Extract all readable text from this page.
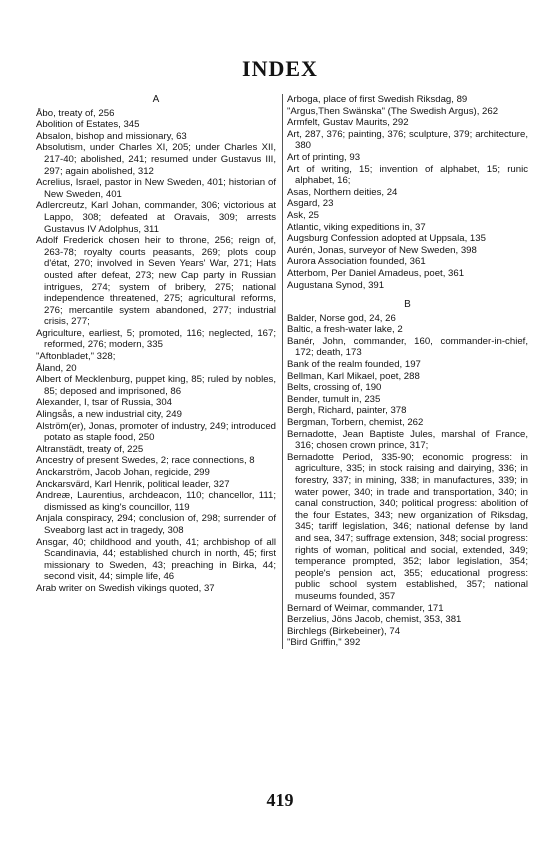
INDEX
A

Åbo, treaty of, 256

Abolition of Estates, 345

Absalon, bishop and missionary, 63

Absolutism, under Charles XI, 205; under Charles XII, 217-40; abolished, 241; resumed under Gustavus III, 297; again abolished, 312

Acrelius, Israel, pastor in New Sweden, 401; historian of New Sweden, 401

Adlercreutz, Karl Johan, commander, 306; victorious at Lappo, 308; defeated at Oravais, 309; arrests Gustavus IV Adolphus, 311

Adolf Frederick chosen heir to throne, 256; reign of, 263-78; royalty courts peasants, 269; plots coup d'état, 270; involved in Seven Years' War, 271; Hats ousted after defeat, 273; new Cap party in Russian intrigues, 274; system of bribery, 275; national independence threatened, 275; agricultural reforms, 276; mercantile system abandoned, 277; industrial crisis, 277;

Agriculture, earliest, 5; promoted, 116; neglected, 167; reformed, 276; modern, 335

"Aftonbladet," 328;

Åland, 20

Albert of Mecklenburg, puppet king, 85; ruled by nobles, 85; deposed and imprisoned, 86

Alexander, I, tsar of Russia, 304

Alingsås, a new industrial city, 249

Alström(er), Jonas, promoter of industry, 249; introduced potato as staple food, 250

Altranstädt, treaty of, 225

Ancestry of present Swedes, 2; race connections, 8

Anckarström, Jacob Johan, regicide, 299

Anckarsvärd, Karl Henrik, political leader, 327

Andreæ, Laurentius, archdeacon, 110; chancellor, 111; dismissed as king's councillor, 119

Anjala conspiracy, 294; conclusion of, 298; surrender of Sveaborg last act in tragedy, 308

Ansgar, 40; childhood and youth, 41; archbishop of all Scandinavia, 44; established church in north, 45; first missionary to Sweden, 43; preaching in Birka, 44; second visit, 44; simple life, 46

Arab writer on Swedish vikings quoted, 37

Arboga, place of first Swedish Riksdag, 89

"Argus,Then Swänska" (The Swedish Argus), 262

Armfelt, Gustav Maurits, 292

Art, 287, 376; painting, 376; sculpture, 379; architecture, 380

Art of printing, 93

Art of writing, 15; invention of alphabet, 15; runic alphabet, 16;

Asas, Northern deities, 24

Asgard, 23

Ask, 25

Atlantic, viking expeditions in, 37

Augsburg Confession adopted at Uppsala, 135

Aurén, Jonas, surveyor of New Sweden, 398

Aurora Association founded, 361

Atterbom, Per Daniel Amadeus, poet, 361

Augustana Synod, 391

B

Balder, Norse god, 24, 26

Baltic, a fresh-water lake, 2

Banér, John, commander, 160, commander-in-chief, 172; death, 173

Bank of the realm founded, 197

Bellman, Karl Mikael, poet, 288

Belts, crossing of, 190

Bender, tumult in, 235

Bergh, Richard, painter, 378

Bergman, Torbern, chemist, 262

Bernadotte, Jean Baptiste Jules, marshal of France, 316; chosen crown prince, 317;

Bernadotte Period, 335-90; economic progress: in agriculture, 335; in stock raising and dairying, 336; in forestry, 337; in mining, 338; in manufactures, 339; in water power, 340; in trade and transportation, 340; in canal construction, 340; political progress: abolition of the four Estates, 343; new organization of Riksdag, 345; tariff legislation, 346; national defense by land and sea, 347; suffrage extension, 348; social progress: rights of woman, political and social, extended, 349; temperance prompted, 352; labor legislation, 354; people's pension act, 355; educational progress: public school system established, 357; national museums founded, 357

Bernard of Weimar, commander, 171

Berzelius, Jöns Jacob, chemist, 353, 381

Birchlegs (Birkebeiner), 74

"Bird Griffin," 392

419
